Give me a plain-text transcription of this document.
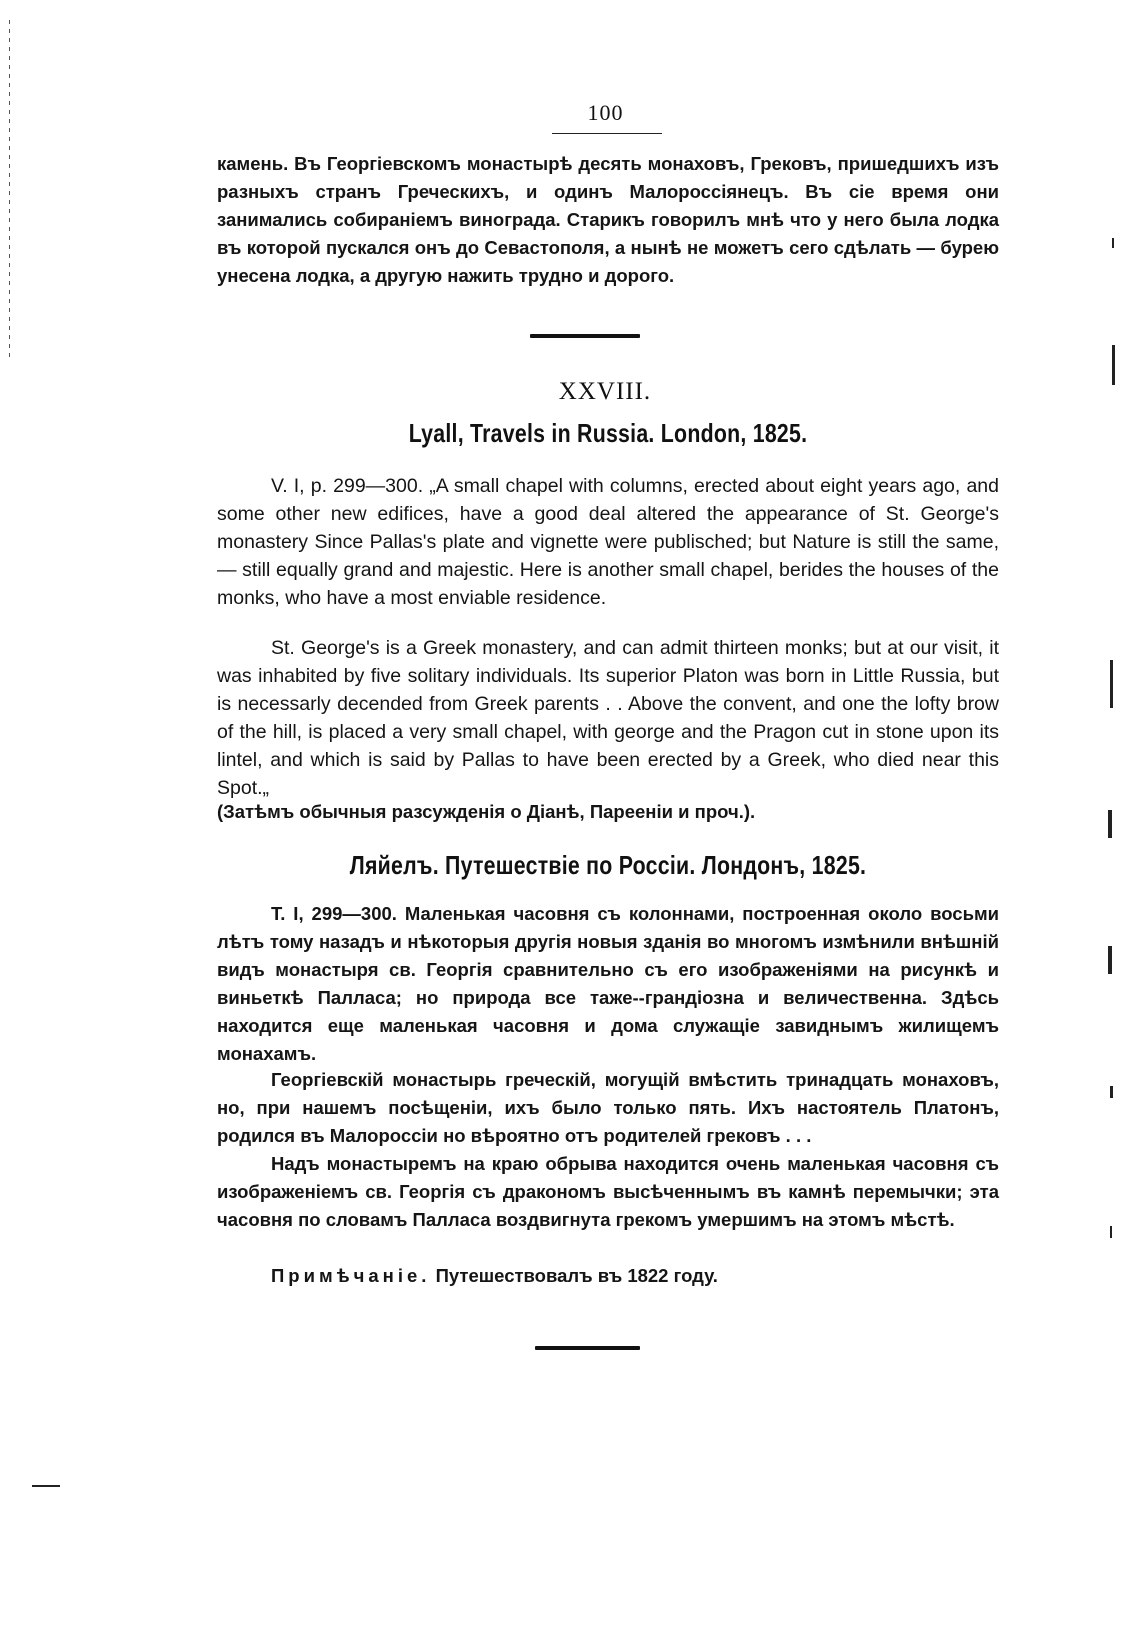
100

камень. Въ Георгіевскомъ монастырѣ десять монаховъ, Грековъ, пришедшихъ изъ разныхъ странъ Греческихъ, и одинъ Малороссіянецъ. Въ сіе время они занимались собираніемъ винограда. Старикъ говорилъ мнѣ что у него была лодка въ которой пускался онъ до Севастополя, а нынѣ не можетъ сего сдѣлать — бурею унесена лодка, а другую нажить трудно и дорого.

XXVIII.
Lyall, Travels in Russia. London, 1825.

V. I, p. 299—300. „A small chapel with columns, erected about eight years ago, and some other new edifices, have a good deal altered the appearance of St. George's monastery Since Pallas's plate and vignette were publisched; but Nature is still the same, — still equally grand and majestic. Here is another small chapel, berides the houses of the monks, who have a most enviable residence.

St. George's is a Greek monastery, and can admit thirteen monks; but at our visit, it was inhabited by five solitary individuals. Its superior Platon was born in Little Russia, but is necessarly decended from Greek parents . . Above the convent, and one the lofty brow of the hill, is placed a very small chapel, with george and the Pragon cut in stone upon its lintel, and which is said by Pallas to have been erected by a Greek, who died near this Spot.„

(Затѣмъ обычныя разсужденія о Діанѣ, Пареенiи и проч.).

Ляйелъ. Путешествіе по Россіи. Лондонъ, 1825.

Т. I, 299—300. Маленькая часовня съ колоннами, построенная около восьми лѣтъ тому назадъ и нѣкоторыя другія новыя зданія во многомъ измѣнили внѣшній видъ монастыря св. Георгія сравнительно съ его изображеніями на рисункѣ и виньеткѣ Палласа; но природа все таже--грандіозна и величественна. Здѣсь находится еще маленькая часовня и дома служащіе завиднымъ жилищемъ монахамъ.

Георгіевскій монастырь греческій, могущій вмѣстить тринадцать монаховъ, но, при нашемъ посѣщеніи, ихъ было только пять. Ихъ настоятель Платонъ, родился въ Малороссіи но вѣроятно отъ родителей грековъ . . .

Надъ монастыремъ на краю обрыва находится очень маленькая часовня съ изображеніемъ св. Георгія съ дракономъ высѣченнымъ въ камнѣ перемычки; эта часовня по словамъ Палласа воздвигнута грекомъ умершимъ на этомъ мѣстѣ.

Примѣчаніе. Путешествовалъ въ 1822 году.
